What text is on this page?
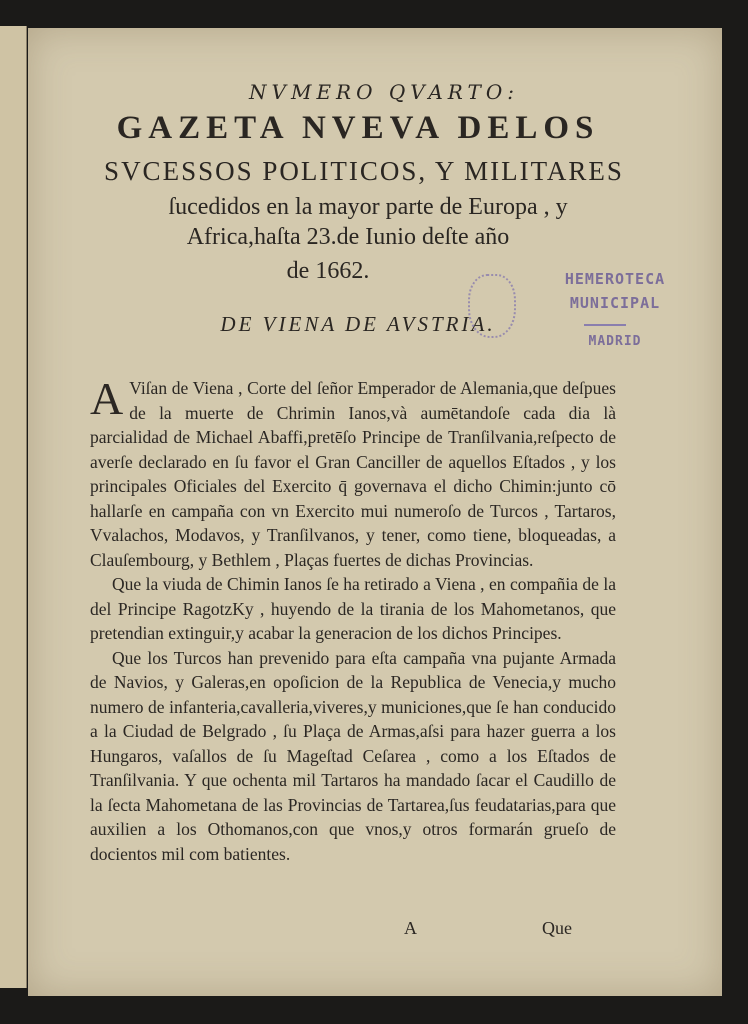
NVMERO QVARTO:
GAZETA NVEVA DELOS
SVCESSOS POLITICOS, Y MILITARES
ſucedidos en la mayor parte de Europa , y
Africa,haſta 23.de Iunio deſte año
de 1662.
DE VIENA DE AVSTRIA.
HEMEROTECA
MUNICIPAL
MADRID
A Viſan de Viena , Corte del ſeñor Emperador de Alemania,que deſpues de la muerte de Chrimin Ianos,và aumētandoſe cada dia là parcialidad de Michael Abaffi,pretēſo Principe de Tranſilvania,reſpecto de averſe declarado en ſu favor el Gran Canciller de aquellos Eſtados , y los principales Oficiales del Exercito q̄ governava el dicho Chimin:junto cō hallarſe en campaña con vn Exercito mui numeroſo de Turcos , Tartaros, Vvalachos, Modavos, y Tranſilvanos, y tener, como tiene, bloqueadas, a Clauſembourg, y Bethlem , Plaças fuertes de dichas Provincias.

Que la viuda de Chimin Ianos ſe ha retirado a Viena , en compañia de la del Principe RagotzKy , huyendo de la tirania de los Mahometanos, que pretendian extinguir,y acabar la generacion de los dichos Principes.

Que los Turcos han prevenido para eſta campaña vna pujante Armada de Navios, y Galeras,en opoſicion de la Republica de Venecia,y mucho numero de infanteria,cavalleria,viveres,y municiones,que ſe han conducido a la Ciudad de Belgrado , ſu Plaça de Armas,aſsi para hazer guerra a los Hungaros, vaſallos de ſu Mageſtad Ceſarea , como a los Eſtados de Tranſilvania. Y que ochenta mil Tartaros ha mandado ſacar el Caudillo de la ſecta Mahometana de las Provincias de Tartarea,ſus feudatarias,para que auxilien a los Othomanos,con que vnos,y otros formarán grueſo de docientos mil com batientes.

A	Que
